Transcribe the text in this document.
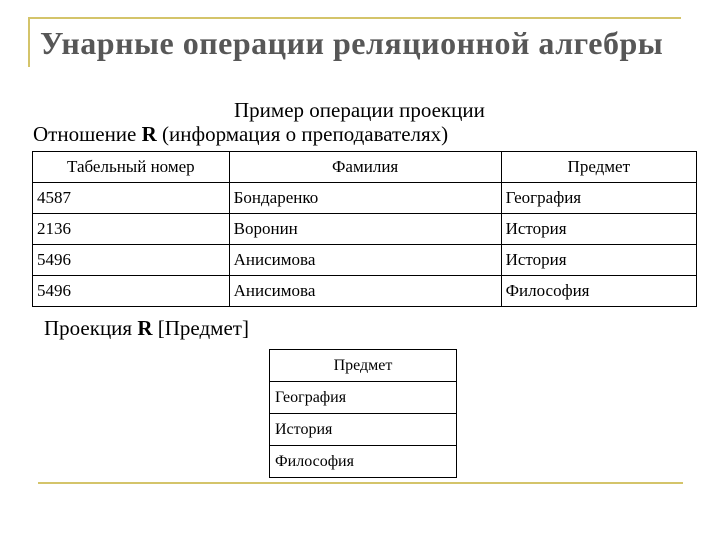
Унарные операции реляционной алгебры
Пример операции проекции
Отношение R (информация о преподавателях)
Табельный номер	Фамилия	Предмет
4587	Бондаренко	География
2136	Воронин	История
5496	Анисимова	История
5496	Анисимова	Философия
Проекция R [Предмет]
Предмет
География
История
Философия
